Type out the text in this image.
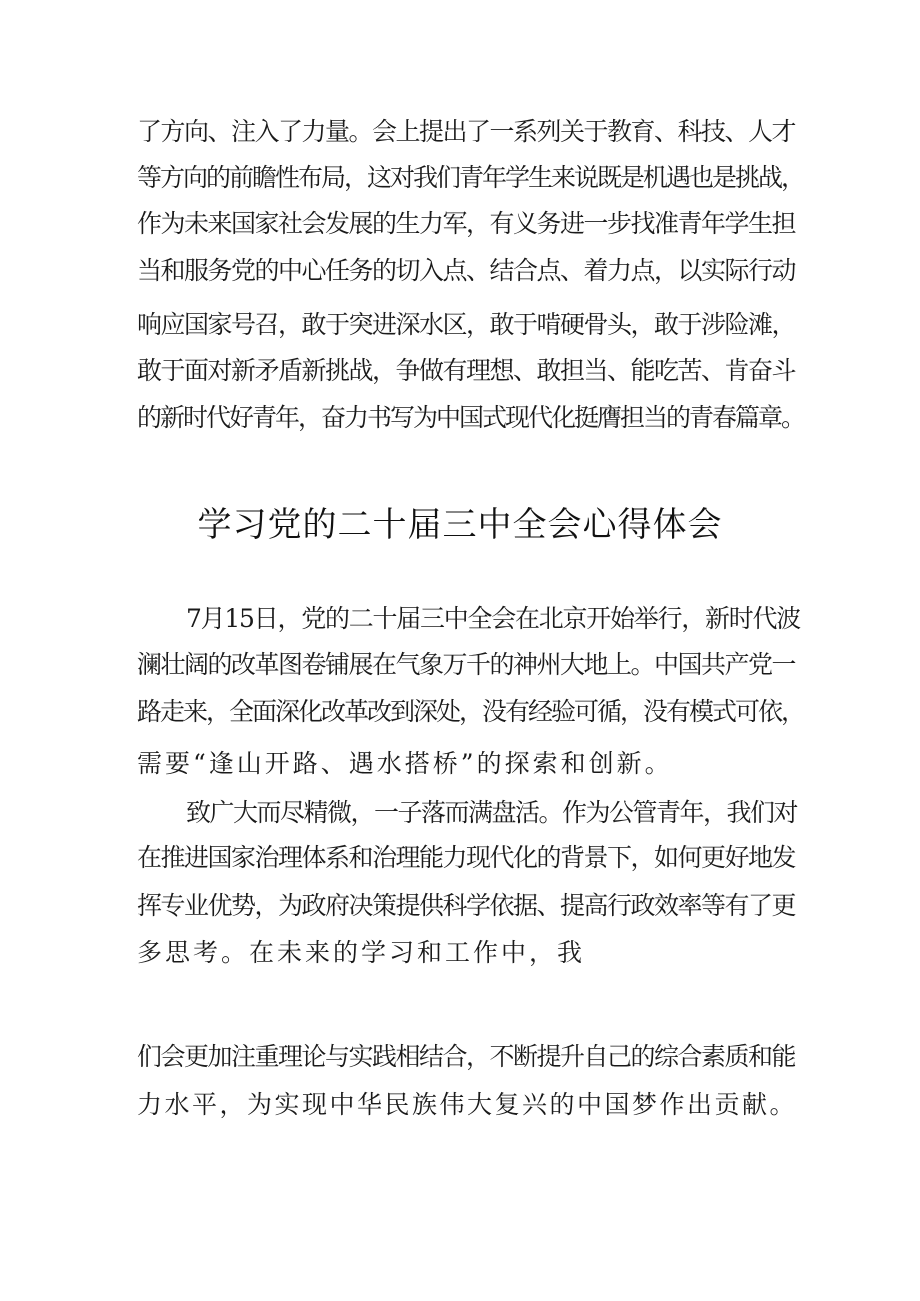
了方向、注入了力量。会上提出了一系列关于教育、科技、人才
等方向的前瞻性布局，这对我们青年学生来说既是机遇也是挑战，
作为未来国家社会发展的生力军，有义务进一步找准青年学生担
当和服务党的中心任务的切入点、结合点、着力点，以实际行动
响应国家号召，敢于突进深水区，敢于啃硬骨头，敢于涉险滩，
敢于面对新矛盾新挑战，争做有理想、敢担当、能吃苦、肯奋斗
的新时代好青年，奋力书写为中国式现代化挺膺担当的青春篇章。
学习党的二十届三中全会心得体会
7月15日，党的二十届三中全会在北京开始举行，新时代波
澜壮阔的改革图卷铺展在气象万千的神州大地上。中国共产党一
路走来，全面深化改革改到深处，没有经验可循，没有模式可依，
需要“逢山开路、遇水搭桥”的探索和创新。
致广大而尽精微，一子落而满盘活。作为公管青年，我们对
在推进国家治理体系和治理能力现代化的背景下，如何更好地发
挥专业优势，为政府决策提供科学依据、提高行政效率等有了更
多思考。在未来的学习和工作中，我
们会更加注重理论与实践相结合，不断提升自己的综合素质和能
力水平，为实现中华民族伟大复兴的中国梦作出贡献。
